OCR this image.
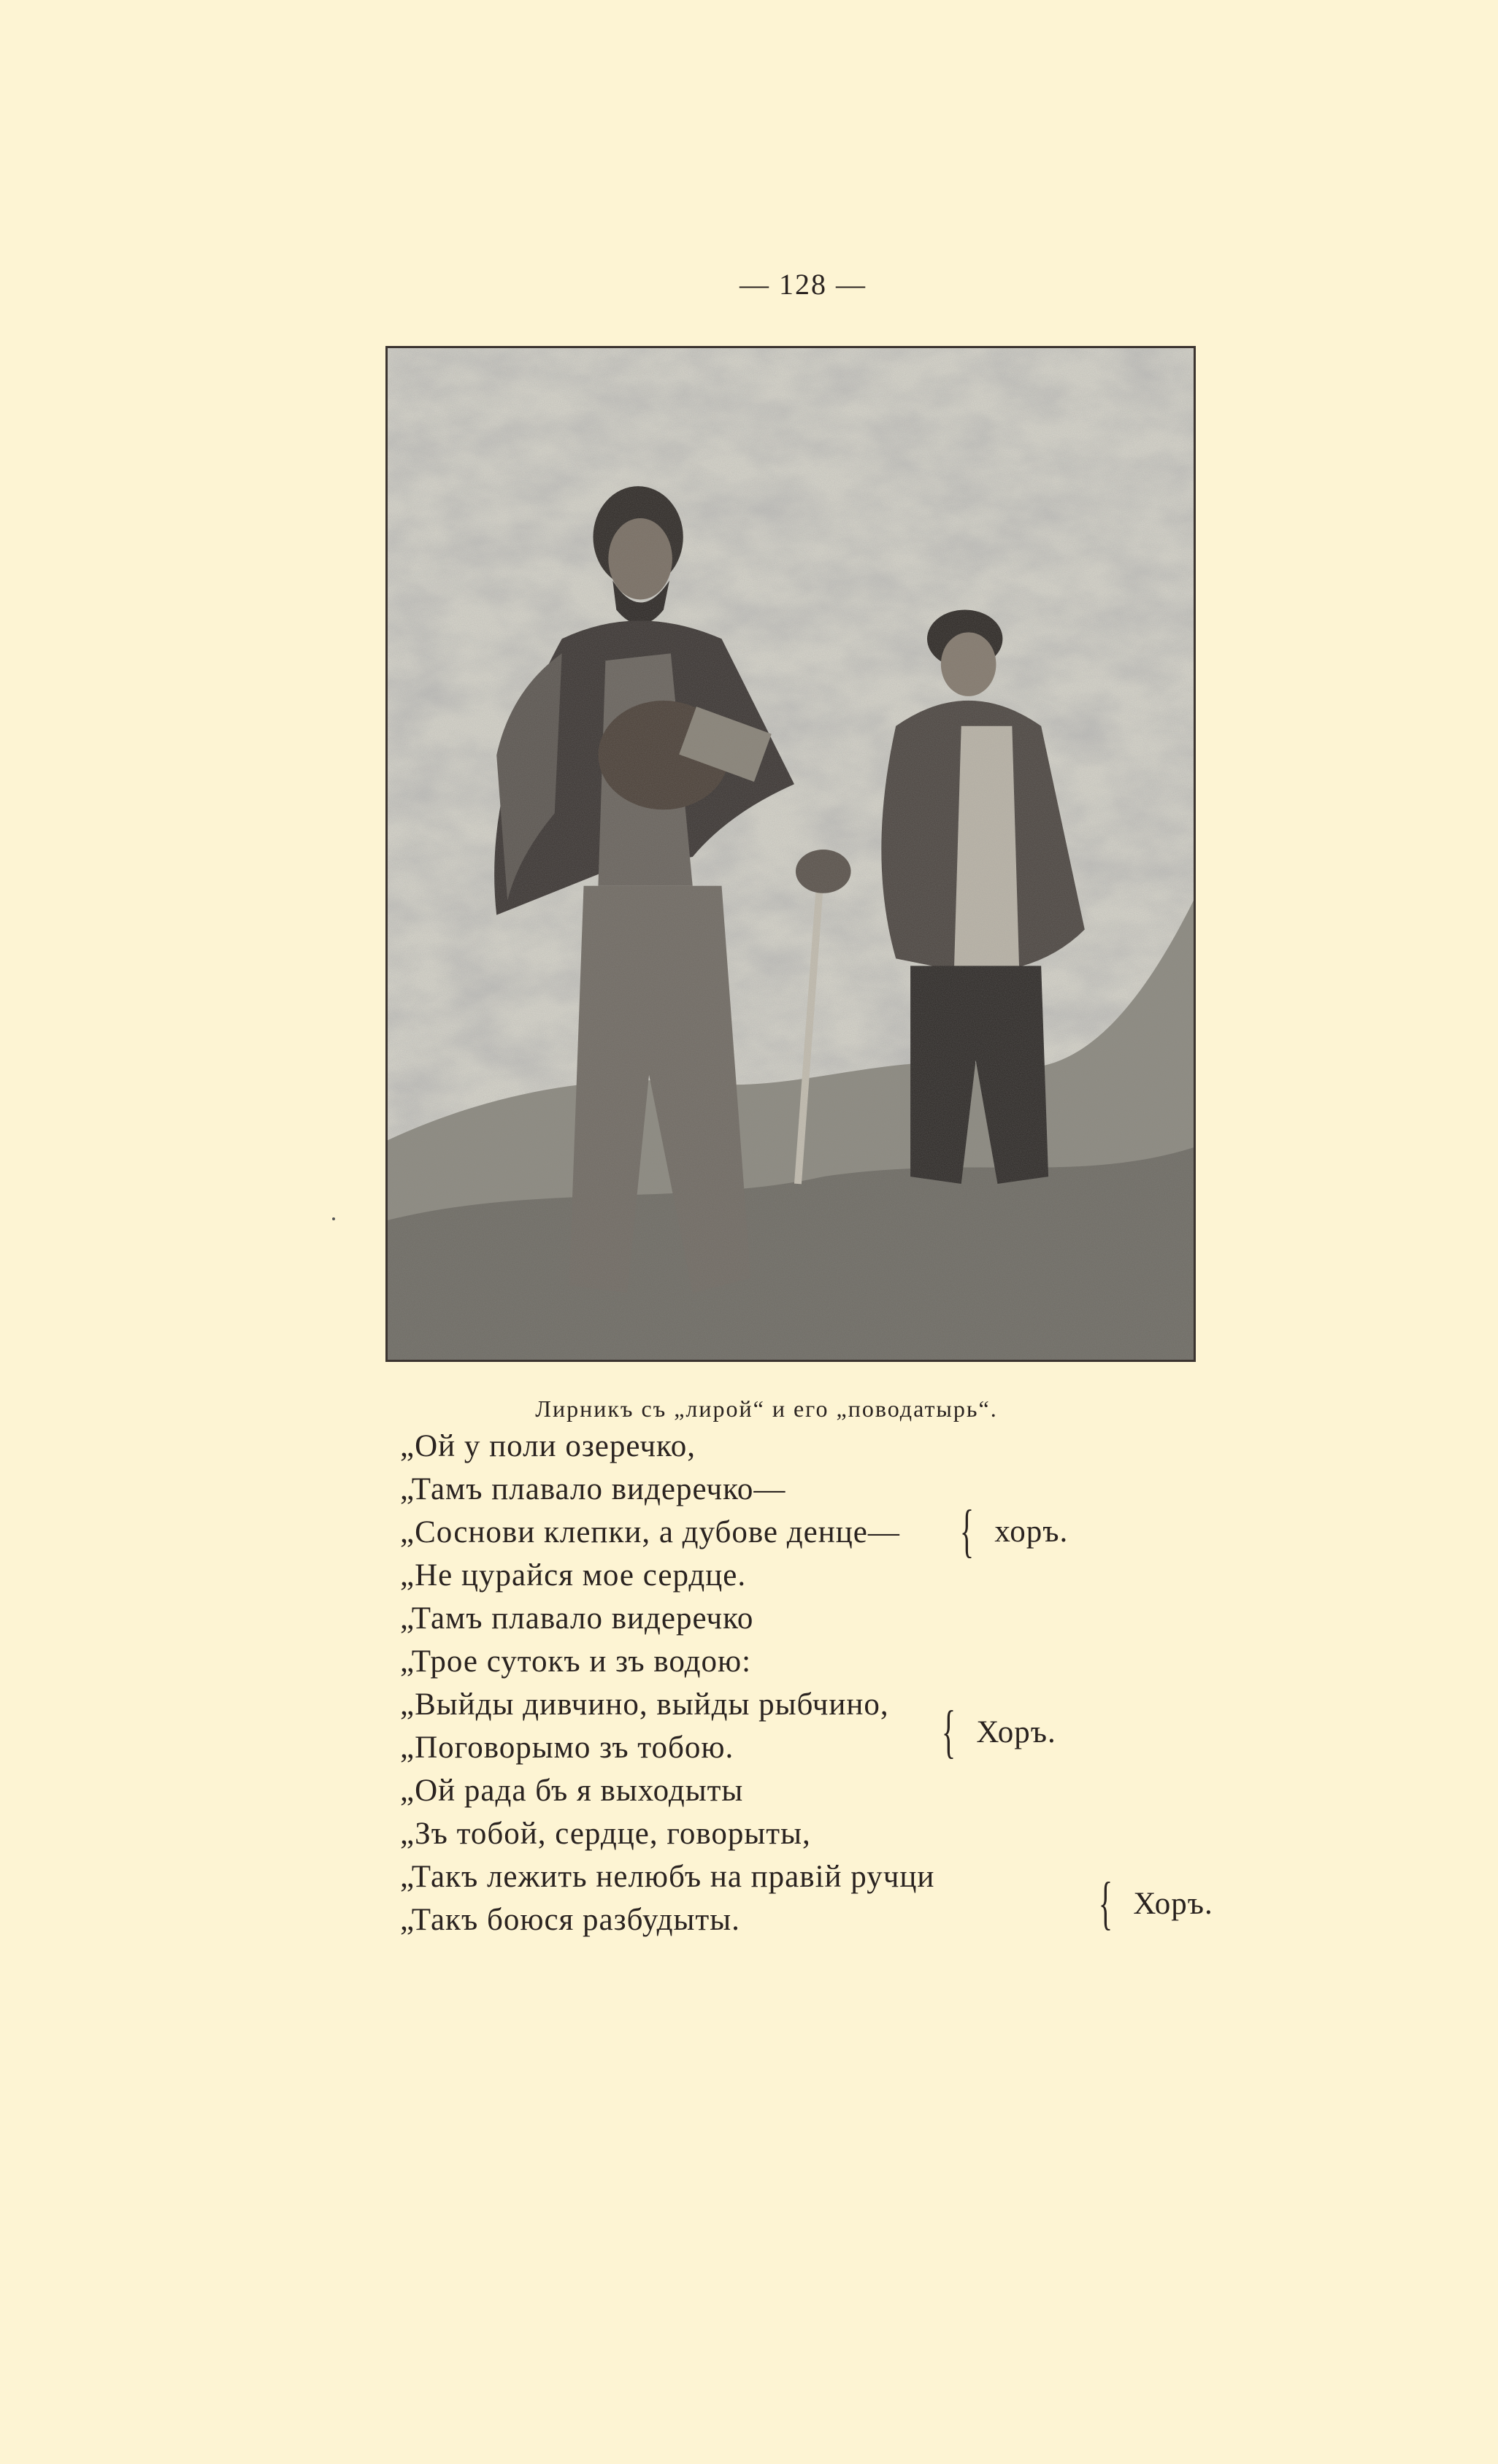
— 128 —
Лирникъ съ „лирой“ и его „поводатырь“.
„Ой у поли озеречко,
„Тамъ плавало видеречко—
„Соснови клепки, а дубове денце—
„Не цурайся мое сердце.
„Тамъ плавало видеречко
„Трое сутокъ и зъ водою:
„Выйды дивчино, выйды рыбчино,
„Поговорымо зъ тобою.
„Ой рада бъ я выходыты
„Зъ тобой, сердце, говорыты,
„Такъ лежить нелюбъ на правій ручци
„Такъ боюся разбудыты.
{ хоръ.
{ Хоръ.
{ Хоръ.
